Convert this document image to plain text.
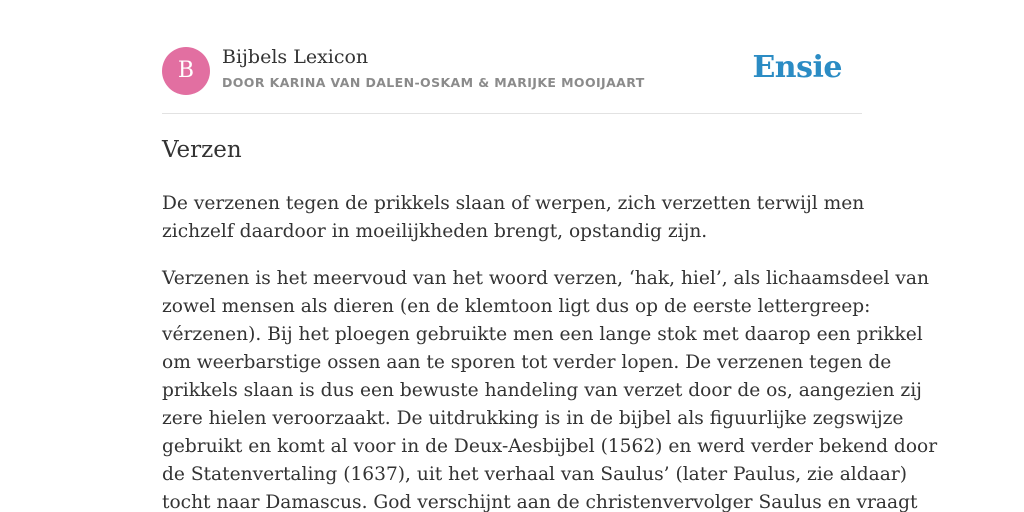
B
Bijbels Lexicon
DOOR KARINA VAN DALEN-OSKAM & MARIJKE MOOIJAART	Ensie
Verzen

De verzenen tegen de prikkels slaan of werpen, zich verzetten terwijl men
zichzelf daardoor in moeilijkheden brengt, opstandig zijn.

Verzenen is het meervoud van het woord verzen, ‘hak, hiel’, als lichaamsdeel van
zowel mensen als dieren (en de klemtoon ligt dus op de eerste lettergreep:
vérzenen). Bij het ploegen gebruikte men een lange stok met daarop een prikkel
om weerbarstige ossen aan te sporen tot verder lopen. De verzenen tegen de
prikkels slaan is dus een bewuste handeling van verzet door de os, aangezien zij
zere hielen veroorzaakt. De uitdrukking is in de bijbel als figuurlijke zegswijze
gebruikt en komt al voor in de Deux-Aesbijbel (1562) en werd verder bekend door
de Statenvertaling (1637), uit het verhaal van Saulus’ (later Paulus, zie aldaar)
tocht naar Damascus. God verschijnt aan de christenvervolger Saulus en vraagt
